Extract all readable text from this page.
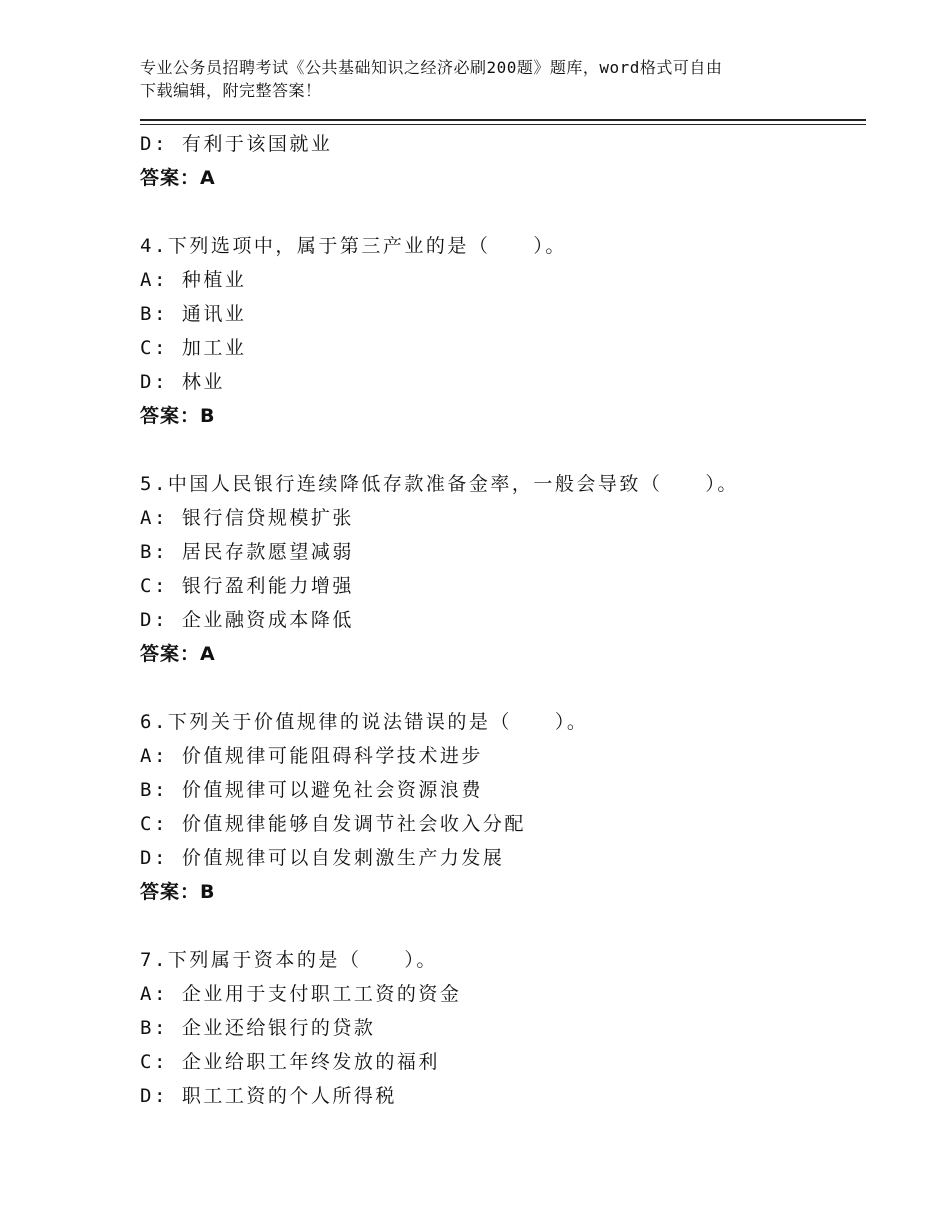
专业公务员招聘考试《公共基础知识之经济必刷200题》题库，word格式可自由
下载编辑，附完整答案！
D: 有利于该国就业
答案：A
4.下列选项中，属于第三产业的是（　　）。
A: 种植业
B: 通讯业
C: 加工业
D: 林业
答案：B
5.中国人民银行连续降低存款准备金率，一般会导致（　　）。
A: 银行信贷规模扩张
B: 居民存款愿望减弱
C: 银行盈利能力增强
D: 企业融资成本降低
答案：A
6.下列关于价值规律的说法错误的是（　　）。
A: 价值规律可能阻碍科学技术进步
B: 价值规律可以避免社会资源浪费
C: 价值规律能够自发调节社会收入分配
D: 价值规律可以自发刺激生产力发展
答案：B
7.下列属于资本的是（　　）。
A: 企业用于支付职工工资的资金
B: 企业还给银行的贷款
C: 企业给职工年终发放的福利
D: 职工工资的个人所得税
